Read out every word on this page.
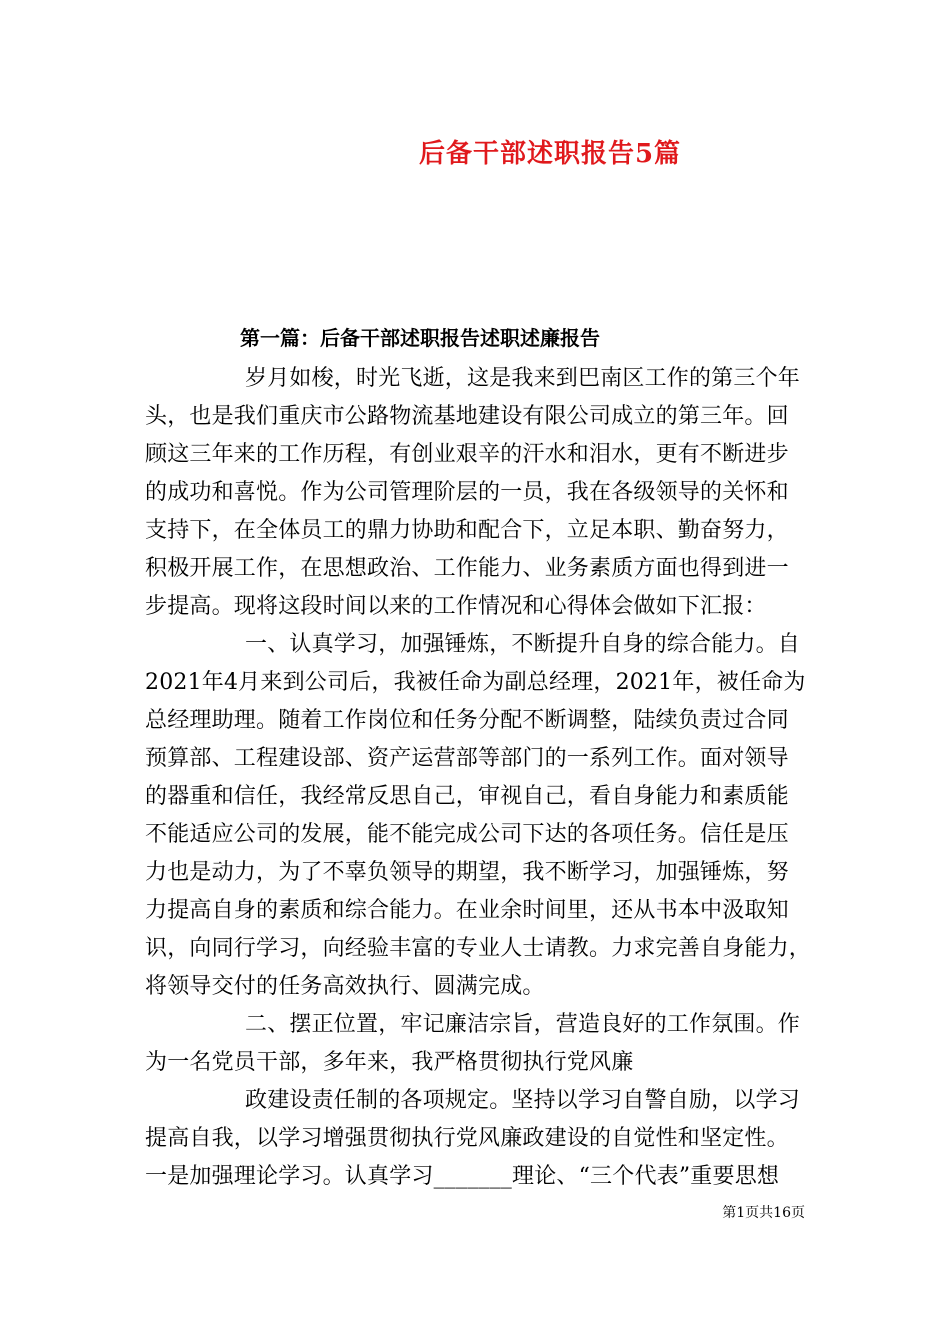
后备干部述职报告5篇
第一篇：后备干部述职报告述职述廉报告
岁月如梭，时光飞逝，这是我来到巴南区工作的第三个年
头，也是我们重庆市公路物流基地建设有限公司成立的第三年。回
顾这三年来的工作历程，有创业艰辛的汗水和泪水，更有不断进步
的成功和喜悦。作为公司管理阶层的一员，我在各级领导的关怀和
支持下，在全体员工的鼎力协助和配合下，立足本职、勤奋努力，
积极开展工作，在思想政治、工作能力、业务素质方面也得到进一
步提高。现将这段时间以来的工作情况和心得体会做如下汇报：
一、认真学习，加强锤炼，不断提升自身的综合能力。自
2021年4月来到公司后，我被任命为副总经理，2021年，被任命为
总经理助理。随着工作岗位和任务分配不断调整，陆续负责过合同
预算部、工程建设部、资产运营部等部门的一系列工作。面对领导
的器重和信任，我经常反思自己，审视自己，看自身能力和素质能
不能适应公司的发展，能不能完成公司下达的各项任务。信任是压
力也是动力，为了不辜负领导的期望，我不断学习，加强锤炼，努
力提高自身的素质和综合能力。在业余时间里，还从书本中汲取知
识，向同行学习，向经验丰富的专业人士请教。力求完善自身能力，
将领导交付的任务高效执行、圆满完成。
二、摆正位置，牢记廉洁宗旨，营造良好的工作氛围。作
为一名党员干部，多年来，我严格贯彻执行党风廉
政建设责任制的各项规定。坚持以学习自警自励，以学习
提高自我，以学习增强贯彻执行党风廉政建设的自觉性和坚定性。
一是加强理论学习。认真学习_______理论、“三个代表”重要思想
第1页共16页
